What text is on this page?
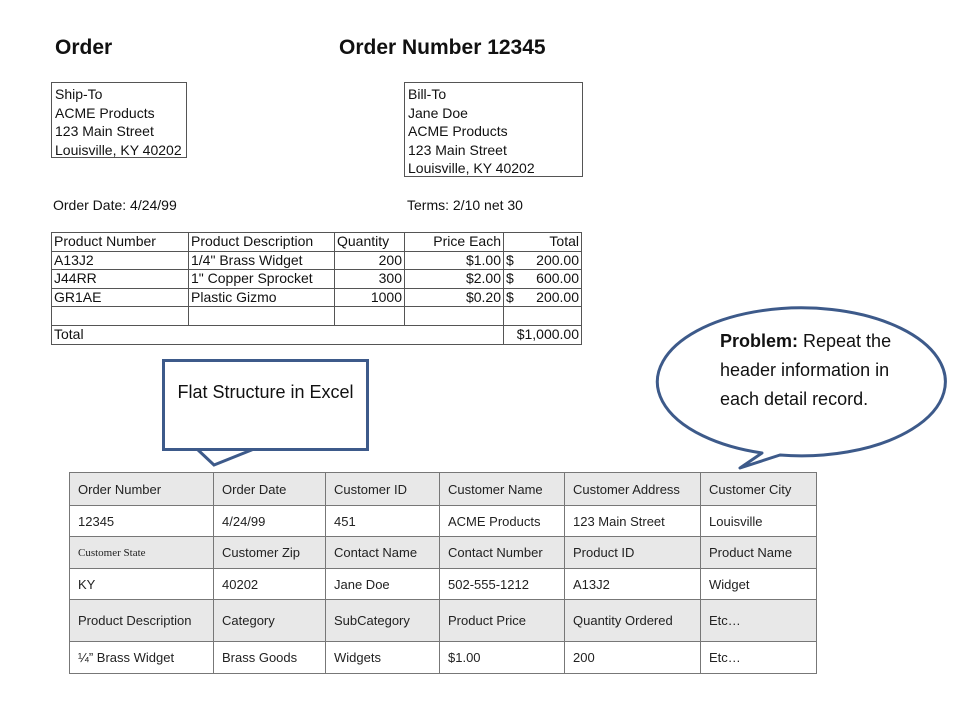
Order	Order Number 12345
Ship-To
ACME Products
123 Main Street
Louisville, KY 40202
Bill-To
Jane Doe
ACME Products
123 Main Street
Louisville, KY 40202
Order Date: 4/24/99	Terms: 2/10 net 30
Product Number	Product Description	Quantity	Price Each	Total
A13J2	1/4" Brass Widget	200	$1.00	$ 200.00

J44RR	1" Copper Sprocket	300	$2.00	$ 600.00

GR1AE	Plastic Gizmo	1000	$0.20	$ 200.00

Total				$1,000.00
Flat Structure in Excel
Problem: Repeat the header information in each detail record.
Order Number	Order Date	Customer ID	Customer Name	Customer Address	Customer City
12345	4/24/99	451	ACME Products	123 Main Street	Louisville
Customer State	Customer Zip	Contact Name	Contact Number	Product ID	Product Name
KY	40202	Jane Doe	502-555-1212	A13J2	Widget
Product Description	Category	SubCategory	Product Price	Quantity Ordered	Etc…
¼” Brass Widget	Brass Goods	Widgets	$1.00	200	Etc…
